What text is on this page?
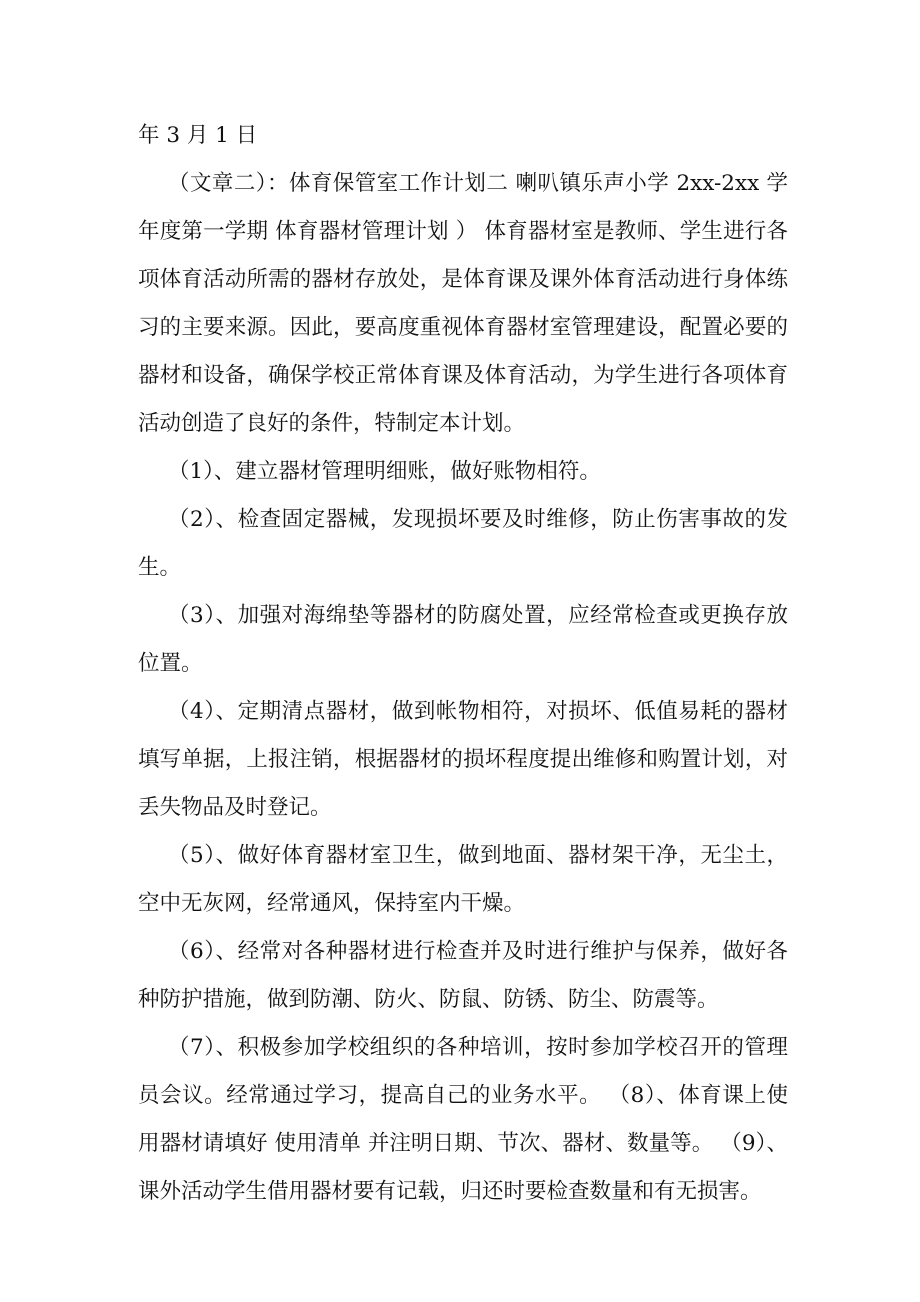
年 3 月 1 日

（文章二）：体育保管室工作计划二 喇叭镇乐声小学 2xx-2xx 学年度第一学期 体育器材管理计划 ） 体育器材室是教师、学生进行各项体育活动所需的器材存放处，是体育课及课外体育活动进行身体练习的主要来源。因此，要高度重视体育器材室管理建设，配置必要的器材和设备，确保学校正常体育课及体育活动，为学生进行各项体育活动创造了良好的条件，特制定本计划。

（1）、建立器材管理明细账，做好账物相符。

（2）、检查固定器械，发现损坏要及时维修，防止伤害事故的发生。

（3）、加强对海绵垫等器材的防腐处置，应经常检查或更换存放位置。

（4）、定期清点器材，做到帐物相符，对损坏、低值易耗的器材填写单据，上报注销，根据器材的损坏程度提出维修和购置计划，对丢失物品及时登记。

（5）、做好体育器材室卫生，做到地面、器材架干净，无尘土，空中无灰网，经常通风，保持室内干燥。

（6）、经常对各种器材进行检查并及时进行维护与保养，做好各种防护措施，做到防潮、防火、防鼠、防锈、防尘、防震等。

（7）、积极参加学校组织的各种培训，按时参加学校召开的管理员会议。经常通过学习，提高自己的业务水平。 （8）、体育课上使用器材请填好 使用清单 并注明日期、节次、器材、数量等。 （9）、课外活动学生借用器材要有记载，归还时要检查数量和有无损害。
